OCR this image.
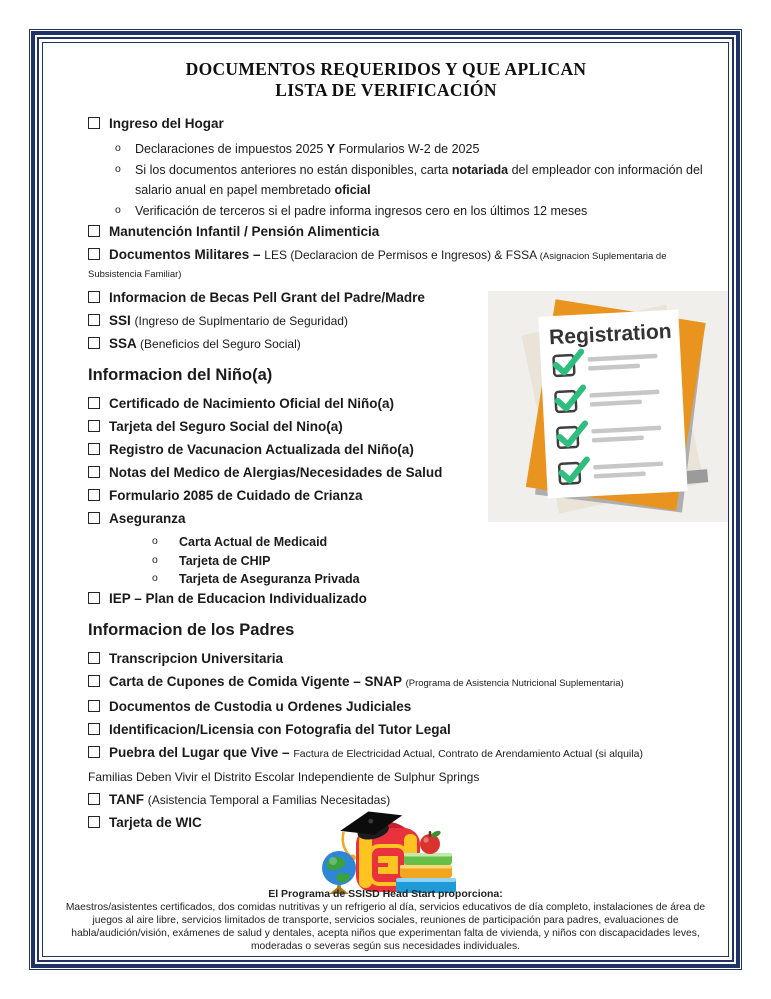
DOCUMENTOS REQUERIDOS Y QUE APLICAN
LISTA DE VERIFICACIÓN
Ingreso del Hogar
o	Declaraciones de impuestos 2025 Y Formularios W-2 de 2025
o	Si los documentos anteriores no están disponibles, carta notariada del empleador con información del salario anual en papel membretado oficial
o	Verificación de terceros si el padre informa ingresos cero en los últimos 12 meses
Manutención Infantil / Pensión Alimenticia
Documentos Militares – LES (Declaracion de Permisos e Ingresos) & FSSA (Asignacion Suplementaria de Subsistencia Familiar)
Informacion de Becas Pell Grant del Padre/Madre
SSI (Ingreso de Suplmentario de Seguridad)
SSA (Beneficios del Seguro Social)
Informacion del Niño(a)
Certificado de Nacimiento Oficial del Niño(a)
Tarjeta del Seguro Social del Nino(a)
Registro de Vacunacion Actualizada del Niño(a)
Notas del Medico de Alergias/Necesidades de Salud
Formulario 2085 de Cuidado de Crianza
Aseguranza
o	Carta Actual de Medicaid
o	Tarjeta de CHIP
o	Tarjeta de Aseguranza Privada
IEP – Plan de Educacion Individualizado
Informacion de los Padres
Transcripcion Universitaria
Carta de Cupones de Comida Vigente – SNAP (Programa de Asistencia Nutricional Suplementaria)
Documentos de Custodia u Ordenes Judiciales
Identificacion/Licensia con Fotografia del Tutor Legal
Puebra del Lugar que Vive – Factura de Electricidad Actual, Contrato de Arendamiento Actual (si alquila)
Familias Deben Vivir el Distrito Escolar Independiente de Sulphur Springs
TANF (Asistencia Temporal a Familias Necesitadas)
Tarjeta de WIC
Registration
El Programa de SSISD Head Start proporciona:
Maestros/asistentes certificados, dos comidas nutritivas y un refrigerio al día, servicios educativos de día completo, instalaciones de área de juegos al aire libre, servicios limitados de transporte, servicios sociales, reuniones de participación para padres, evaluaciones de habla/audición/visión, exámenes de salud y dentales, acepta niños que experimentan falta de vivienda, y niños con discapacidades leves, moderadas o severas según sus necesidades individuales.
